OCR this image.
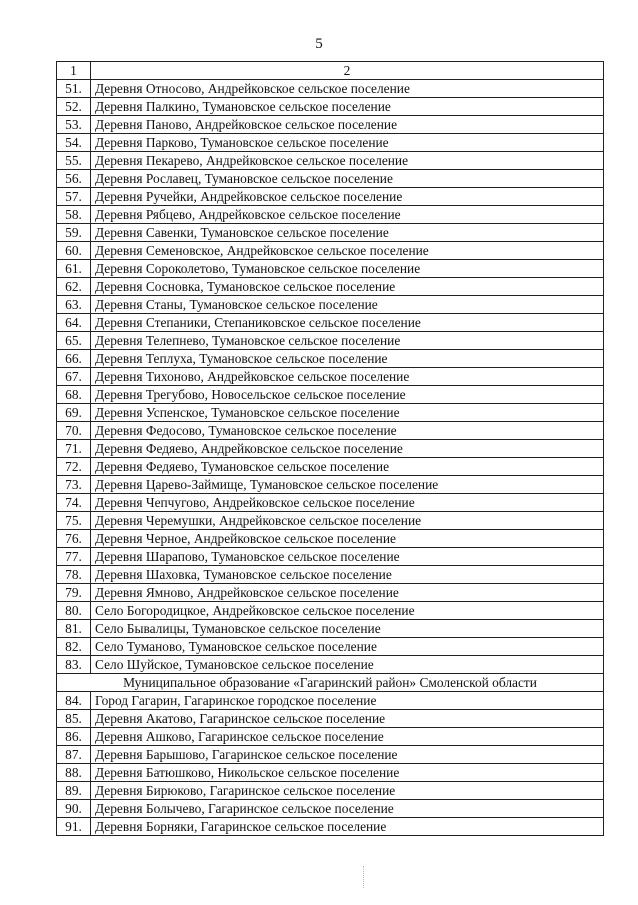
5
1	2
51.	Деревня Относово, Андрейковское сельское поселение
52.	Деревня Палкино, Тумановское сельское поселение
53.	Деревня Паново, Андрейковское сельское поселение
54.	Деревня Парково, Тумановское сельское поселение
55.	Деревня Пекарево, Андрейковское сельское поселение
56.	Деревня Рославец, Тумановское сельское поселение
57.	Деревня Ручейки, Андрейковское сельское поселение
58.	Деревня Рябцево, Андрейковское сельское поселение
59.	Деревня Савенки, Тумановское сельское поселение
60.	Деревня Семеновское, Андрейковское сельское поселение
61.	Деревня Сороколетово, Тумановское сельское поселение
62.	Деревня Сосновка, Тумановское сельское поселение
63.	Деревня Станы, Тумановское сельское поселение
64.	Деревня Степаники, Степаниковское сельское поселение
65.	Деревня Телепнево, Тумановское сельское поселение
66.	Деревня Теплуха, Тумановское сельское поселение
67.	Деревня Тихоново, Андрейковское сельское поселение
68.	Деревня Трегубово, Новосельское сельское поселение
69.	Деревня Успенское, Тумановское сельское поселение
70.	Деревня Федосово, Тумановское сельское поселение
71.	Деревня Федяево, Андрейковское сельское поселение
72.	Деревня Федяево, Тумановское сельское поселение
73.	Деревня Царево-Займище, Тумановское сельское поселение
74.	Деревня Чепчугово, Андрейковское сельское поселение
75.	Деревня Черемушки, Андрейковское сельское поселение
76.	Деревня Черное, Андрейковское сельское поселение
77.	Деревня Шарапово, Тумановское сельское поселение
78.	Деревня Шаховка, Тумановское сельское поселение
79.	Деревня Ямново, Андрейковское сельское поселение
80.	Село Богородицкое, Андрейковское сельское поселение
81.	Село Бывалицы, Тумановское сельское поселение
82.	Село Туманово, Тумановское сельское поселение
83.	Село Шуйское, Тумановское сельское поселение
Муниципальное образование «Гагаринский район» Смоленской области	
84.	Город Гагарин, Гагаринское городское поселение
85.	Деревня Акатово, Гагаринское сельское поселение
86.	Деревня Ашково, Гагаринское сельское поселение
87.	Деревня Барышово, Гагаринское сельское поселение
88.	Деревня Батюшково, Никольское сельское поселение
89.	Деревня Бирюково, Гагаринское сельское поселение
90.	Деревня Болычево, Гагаринское сельское поселение
91.	Деревня Борняки, Гагаринское сельское поселение
